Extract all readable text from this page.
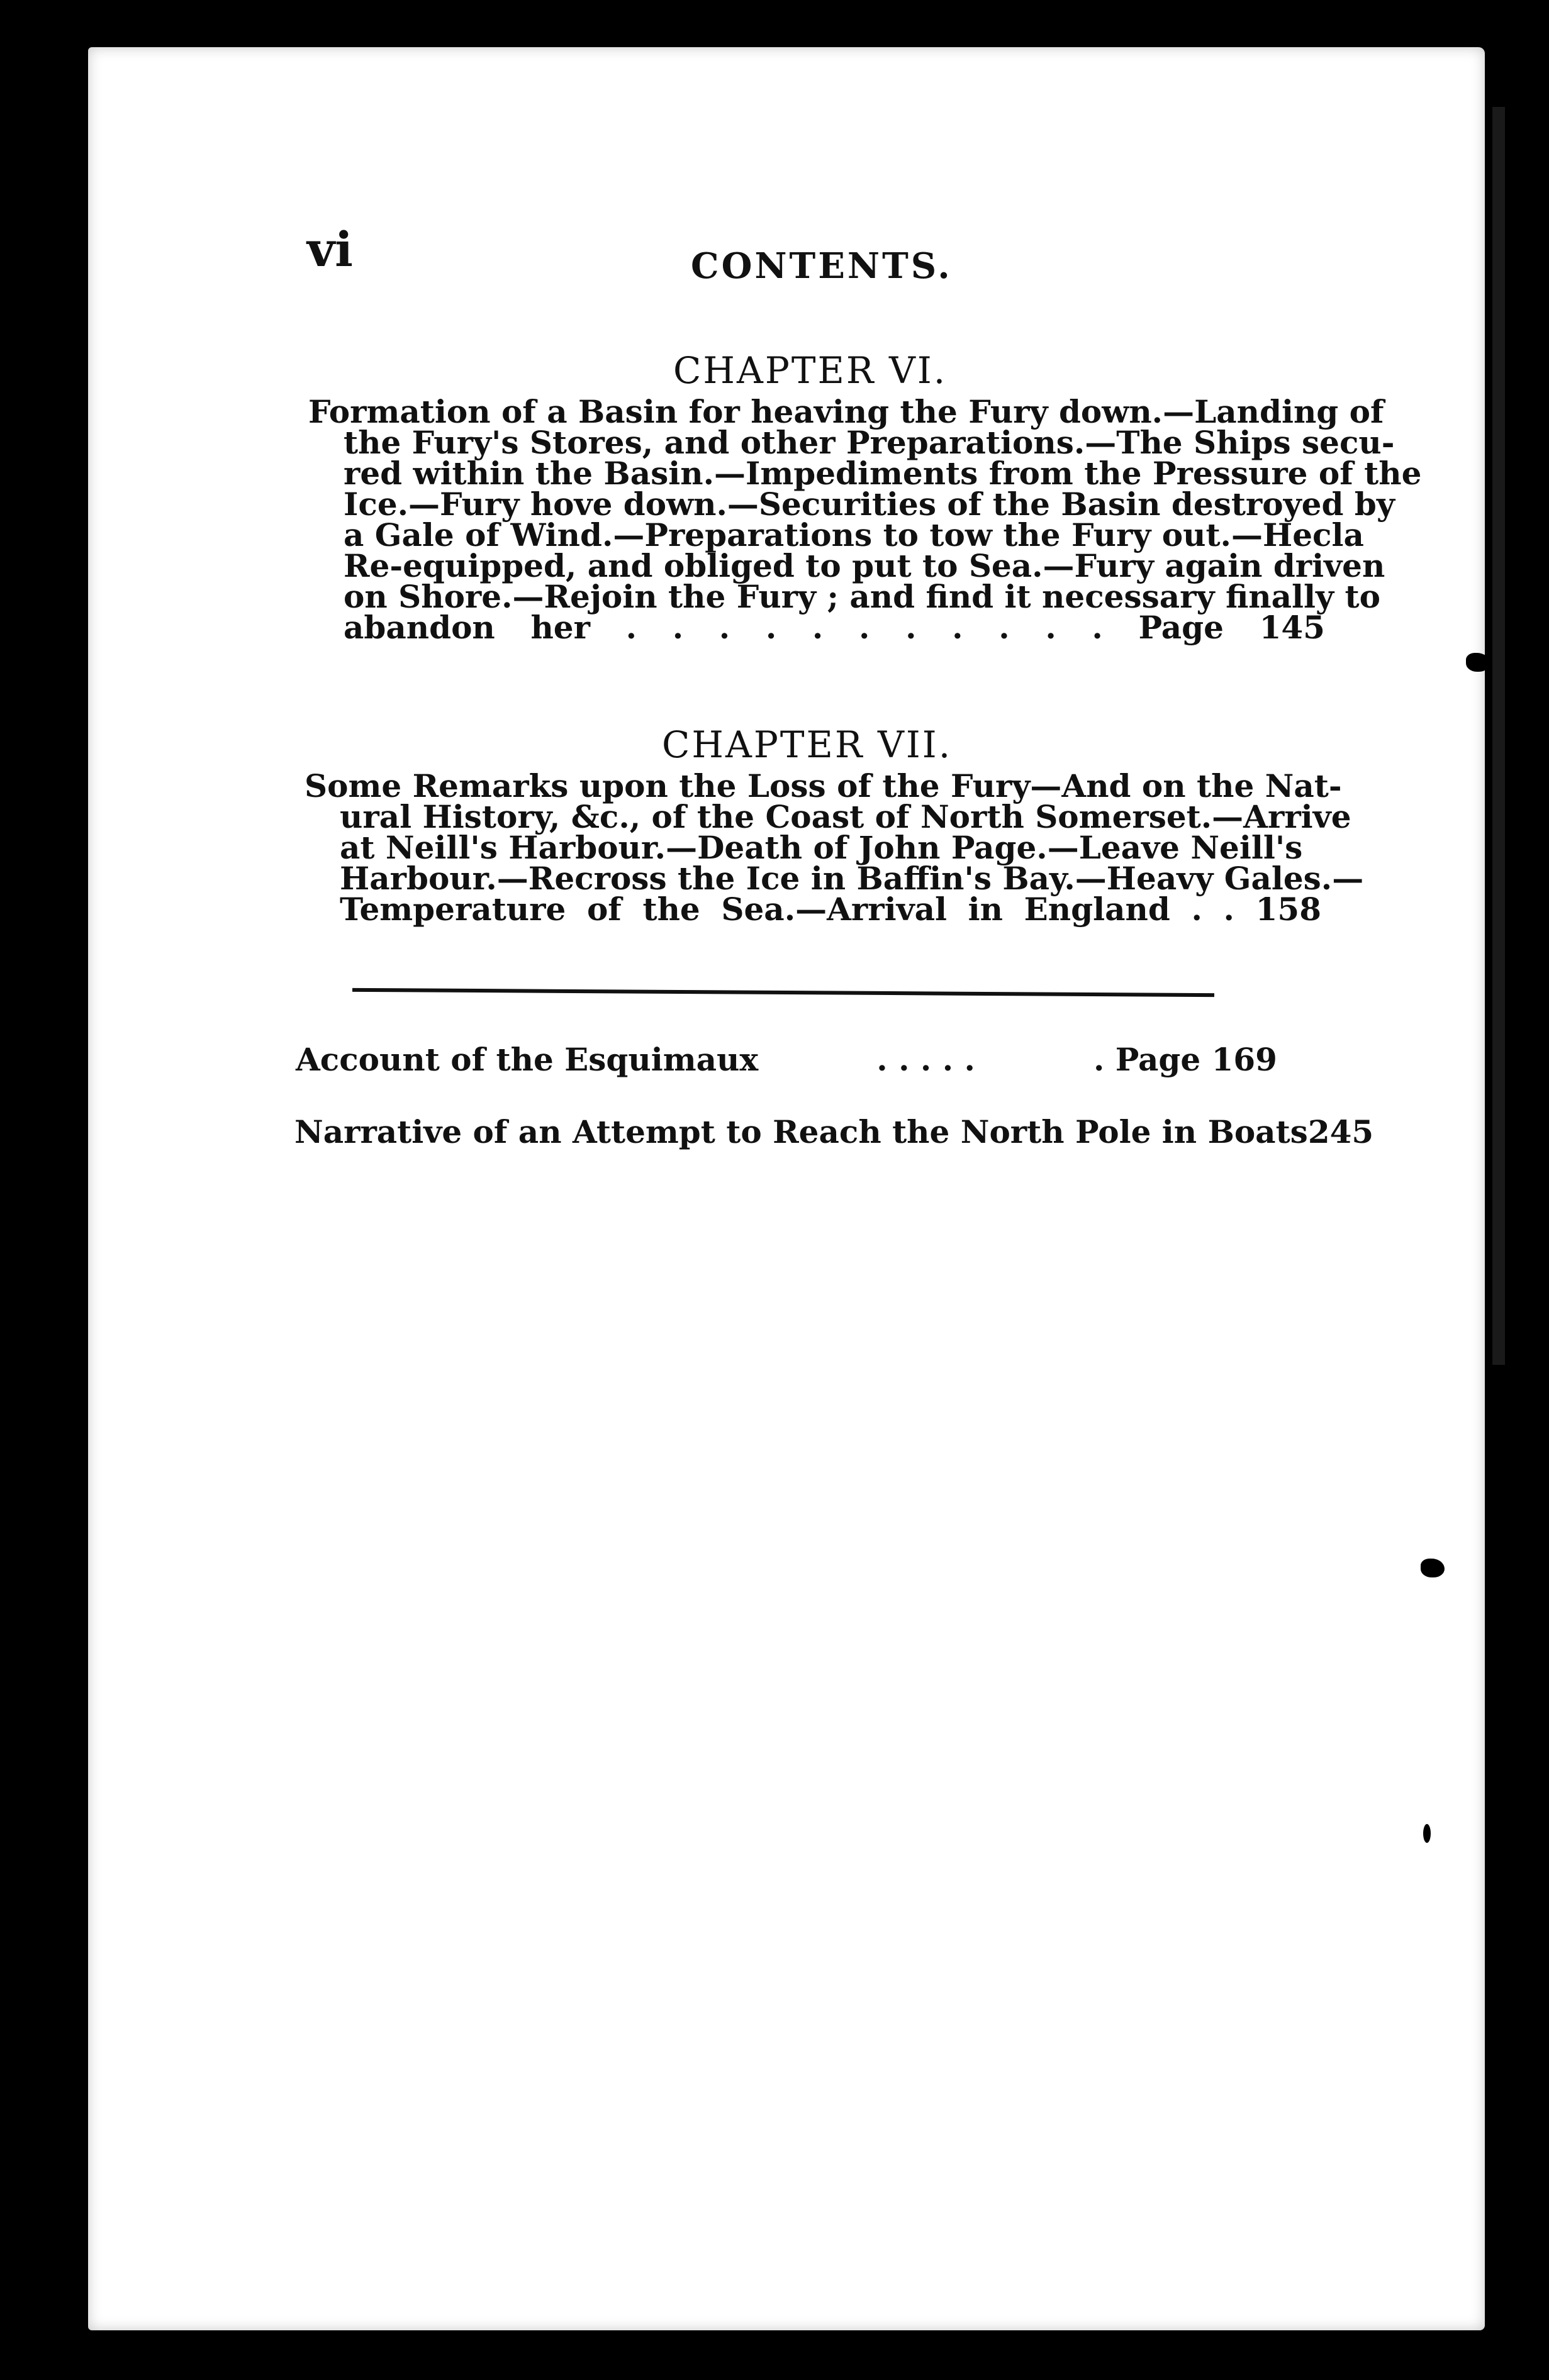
vi	CONTENTS.
CHAPTER VI.
Formation of a Basin for heaving the Fury down.—Landing of
the Fury's Stores, and other Preparations.—The Ships secu-
red within the Basin.—Impediments from the Pressure of the
Ice.—Fury hove down.—Securities of the Basin destroyed by
a Gale of Wind.—Preparations to tow the Fury out.—Hecla
Re-equipped, and obliged to put to Sea.—Fury again driven
on Shore.—Rejoin the Fury ; and find it necessary finally to
abandon her . . . . . . . . . . . Page 145
CHAPTER VII.
Some Remarks upon the Loss of the Fury—And on the Nat-
ural History, &c., of the Coast of North Somerset.—Arrive
at Neill's Harbour.—Death of John Page.—Leave Neill's
Harbour.—Recross the Ice in Baffin's Bay.—Heavy Gales.—
Temperature of the Sea.—Arrival in England . . 158
Account of the Esquimaux	. . . . .	. Page 169
Narrative of an Attempt to Reach the North Pole in Boats 245
